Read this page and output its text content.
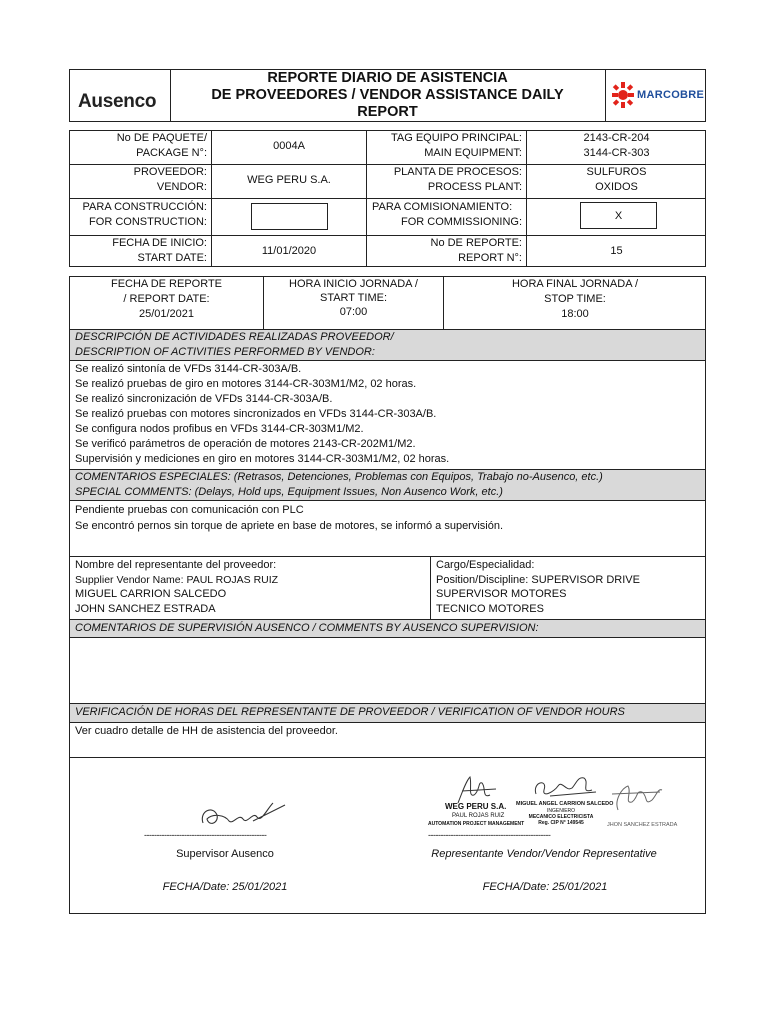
Ausenco
REPORTE DIARIO DE ASISTENCIA
DE PROVEEDORES / VENDOR ASSISTANCE DAILY
REPORT
MARCOBRE
No DE PAQUETE/
PACKAGE N°:
0004A
TAG EQUIPO PRINCIPAL:
MAIN EQUIPMENT:
2143-CR-204
3144-CR-303
PROVEEDOR:
VENDOR:
WEG PERU S.A.
PLANTA DE PROCESOS:
PROCESS PLANT:
SULFUROS
OXIDOS
PARA CONSTRUCCIÓN:
FOR CONSTRUCTION:
PARA COMISIONAMIENTO:
FOR COMMISSIONING:	X
FECHA DE INICIO:
START DATE:
11/01/2020
No DE REPORTE:
REPORT N°:
15
FECHA DE REPORTE
/ REPORT DATE:
25/01/2021
HORA INICIO JORNADA /
START TIME:
07:00
HORA FINAL JORNADA /
STOP TIME:
18:00
DESCRIPCIÓN DE ACTIVIDADES REALIZADAS PROVEEDOR/
DESCRIPTION OF ACTIVITIES PERFORMED BY VENDOR:
Se realizó sintonía de VFDs 3144-CR-303A/B.
Se realizó pruebas de giro en motores 3144-CR-303M1/M2, 02 horas.
Se realizó sincronización de VFDs 3144-CR-303A/B.
Se realizó pruebas con motores sincronizados en VFDs 3144-CR-303A/B.
Se configura nodos profibus en VFDs 3144-CR-303M1/M2.
Se verificó parámetros de operación de motores 2143-CR-202M1/M2.
Supervisión y mediciones en giro en motores 3144-CR-303M1/M2, 02 horas.
COMENTARIOS ESPECIALES: (Retrasos, Detenciones, Problemas con Equipos, Trabajo no-Ausenco, etc.)
SPECIAL COMMENTS: (Delays, Hold ups, Equipment Issues, Non Ausenco Work, etc.)
Pendiente pruebas con comunicación con PLC
Se encontró pernos sin torque de apriete en base de motores, se informó a supervisión.
Nombre del representante del proveedor:
Supplier Vendor Name: PAUL ROJAS RUIZ
MIGUEL CARRION SALCEDO
JOHN SANCHEZ ESTRADA
Cargo/Especialidad:
Position/Discipline: SUPERVISOR DRIVE
SUPERVISOR MOTORES
TECNICO MOTORES
COMENTARIOS DE SUPERVISIÓN AUSENCO / COMMENTS BY AUSENCO SUPERVISION:
VERIFICACIÓN DE HORAS DEL REPRESENTANTE DE PROVEEDOR / VERIFICATION OF VENDOR HOURS
Ver cuadro detalle de HH de asistencia del proveedor.
-------------------------------------------------
Supervisor Ausenco
FECHA/Date: 25/01/2021
WEG PERU S.A.
PAUL ROJAS RUIZ
AUTOMATION PROJECT MANAGEMENT
MIGUEL ANGEL CARRION SALCEDO
INGENIERO
MECANICO ELECTRICISTA
Reg. CIP N° 149545	JHON SANCHEZ ESTRADA
-------------------------------------------------
Representante Vendor/Vendor Representative
FECHA/Date: 25/01/2021
